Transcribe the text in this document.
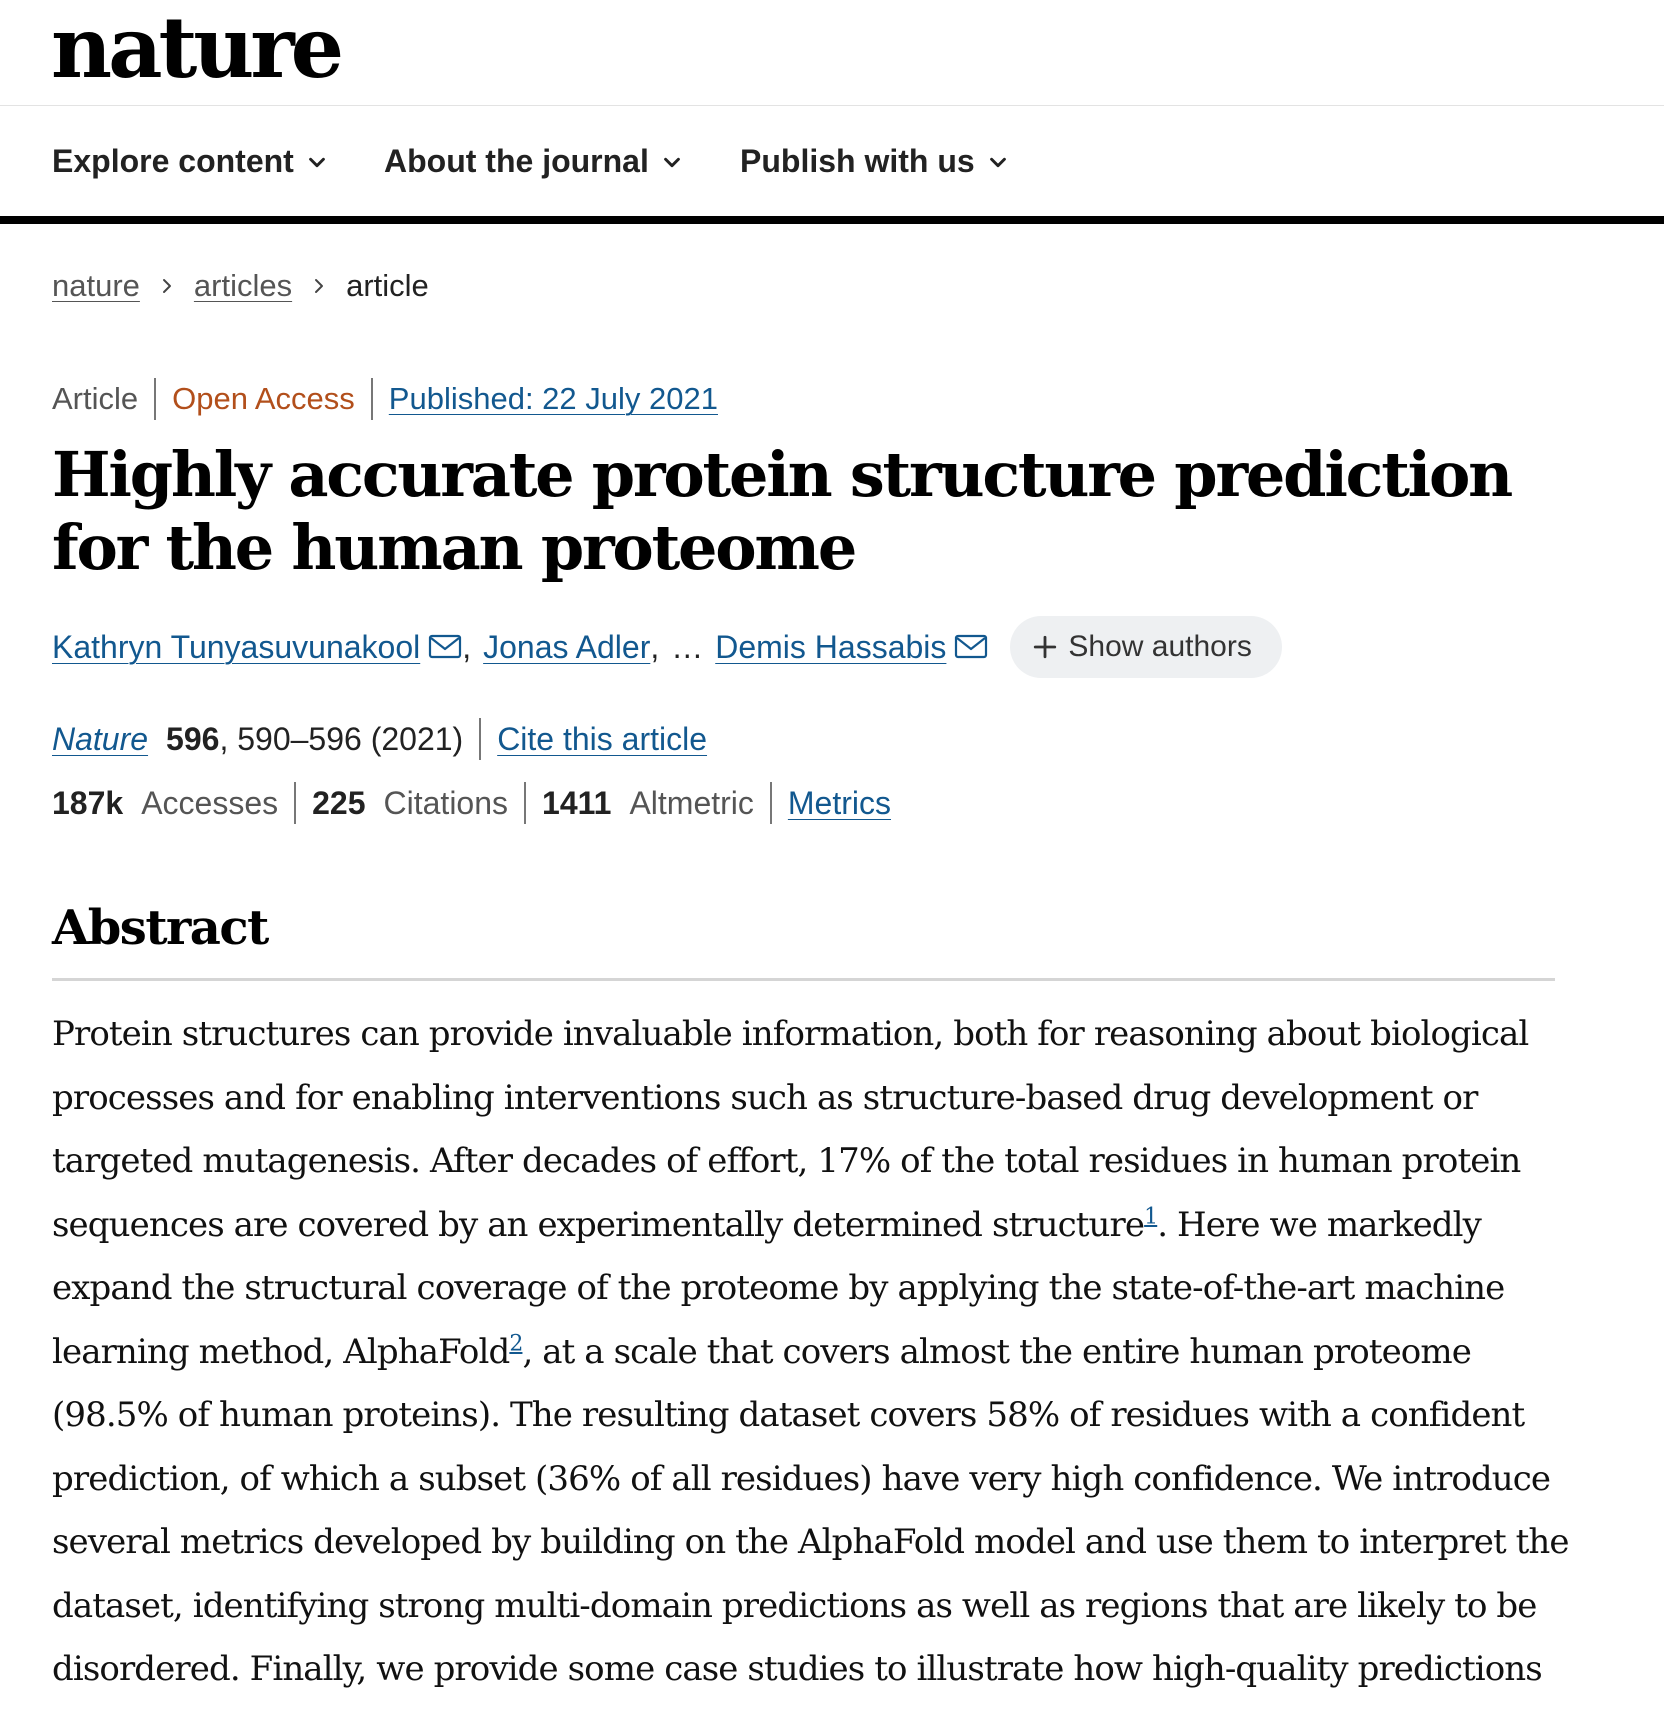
nature
Explore content	About the journal	Publish with us
nature articles article
Article Open Access Published: 22 July 2021
Highly accurate protein structure prediction for the human proteome
Kathryn Tunyasuvunakool , Jonas Adler , … Demis Hassabis	Show authors
Nature 596 , 590–596 (2021) Cite this article
187k Accesses 225 Citations 1411 Altmetric Metrics
Abstract

Protein structures can provide invaluable information, both for reasoning about biological processes and for enabling interventions such as structure-based drug development or targeted mutagenesis. After decades of effort, 17% of the total residues in human protein sequences are covered by an experimentally determined structure$^1$. Here we markedly expand the structural coverage of the proteome by applying the state-of-the-art machine learning method, AlphaFold$^2$, at a scale that covers almost the entire human proteome (98.5% of human proteins). The resulting dataset covers 58% of residues with a confident prediction, of which a subset (36% of all residues) have very high confidence. We introduce several metrics developed by building on the AlphaFold model and use them to interpret the dataset, identifying strong multi-domain predictions as well as regions that are likely to be disordered. Finally, we provide some case studies to illustrate how high-quality predictions
